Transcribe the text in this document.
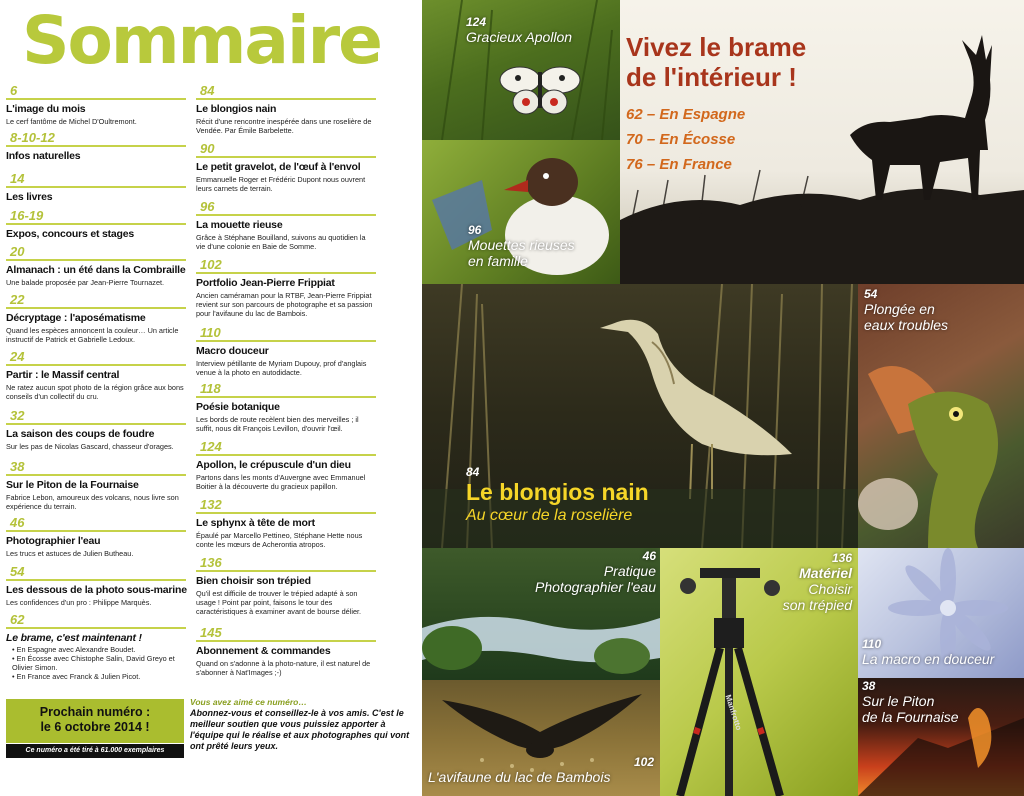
Sommaire
6
L'image du mois
Le cerf fantôme de Michel D'Oultremont.
8-10-12
Infos naturelles
14
Les livres
16-19
Expos, concours et stages
20
Almanach : un été dans la Combraille
Une balade proposée par Jean-Pierre Tournazet.
22
Décryptage : l'aposématisme
Quand les espèces annoncent la couleur… Un article instructif de Patrick et Gabrielle Ledoux.
24
Partir : le Massif central
Ne ratez aucun spot photo de la région grâce aux bons conseils d'un collectif du cru.
32
La saison des coups de foudre
Sur les pas de Nicolas Gascard, chasseur d'orages.
38
Sur le Piton de la Fournaise
Fabrice Lebon, amoureux des volcans, nous livre son expérience du terrain.
46
Photographier l'eau
Les trucs et astuces de Julien Butheau.
54
Les dessous de la photo sous-marine
Les confidences d'un pro : Philippe Marquès.
62
Le brame, c'est maintenant !
• En Espagne avec Alexandre Boudet.
• En Écosse avec Chistophe Salin, David Greyo et Olivier Simon.
• En France avec Franck & Julien Picot.
84
Le blongios nain
Récit d'une rencontre inespérée dans une roselière de Vendée. Par Émile Barbelette.
90
Le petit gravelot, de l'œuf à l'envol
Emmanuelle Roger et Frédéric Dupont nous ouvrent leurs carnets de terrain.
96
La mouette rieuse
Grâce à Stéphane Bouilland, suivons au quotidien la vie d'une colonie en Baie de Somme.
102
Portfolio Jean-Pierre Frippiat
Ancien caméraman pour la RTBF, Jean-Pierre Frippiat revient sur son parcours de photographe et sa passion pour l'avifaune du lac de Bambois.
110
Macro douceur
Interview pétillante de Myriam Dupouy, prof d'anglais venue à la photo en autodidacte.
118
Poésie botanique
Les bords de route recèlent bien des merveilles ; il suffit, nous dit François Levillon, d'ouvrir l'œil.
124
Apollon, le crépuscule d'un dieu
Partons dans les monts d'Auvergne avec Emmanuel Boitier à la découverte du gracieux papillon.
132
Le sphynx à tête de mort
Épaulé par Marcello Pettineo, Stéphane Hette nous conte les mœurs de Acherontia atropos.
136
Bien choisir son trépied
Qu'il est difficile de trouver le trépied adapté à son usage ! Point par point, faisons le tour des caractéristiques à examiner avant de bourse délier.
145
Abonnement & commandes
Quand on s'adonne à la photo-nature, il est naturel de s'abonner à Nat'Images ;-)
Prochain numéro :
le 6 octobre 2014 !
Ce numéro a été tiré à 61.000 exemplaires
Vous avez aimé ce numéro…
Abonnez-vous et conseillez-le à vos amis. C'est le meilleur soutien que vous puissiez apporter à l'équipe qui le réalise et aux photographes qui vont ont prêté leurs yeux.
124
Gracieux Apollon Vivez le brame
de l'intérieur !
62 – En Espagne
70 – En Écosse
76 – En France
96
Mouettes rieuses
en famille
84
Le blongios nain
Au cœur de la roselière
54
Plongée en
eaux troubles
46
Pratique
Photographier l'eau
Manfrotto
136
Matériel
Choisir
son trépied
110
La macro en douceur
102
L'avifaune du lac de Bambois
38
Sur le Piton
de la Fournaise
